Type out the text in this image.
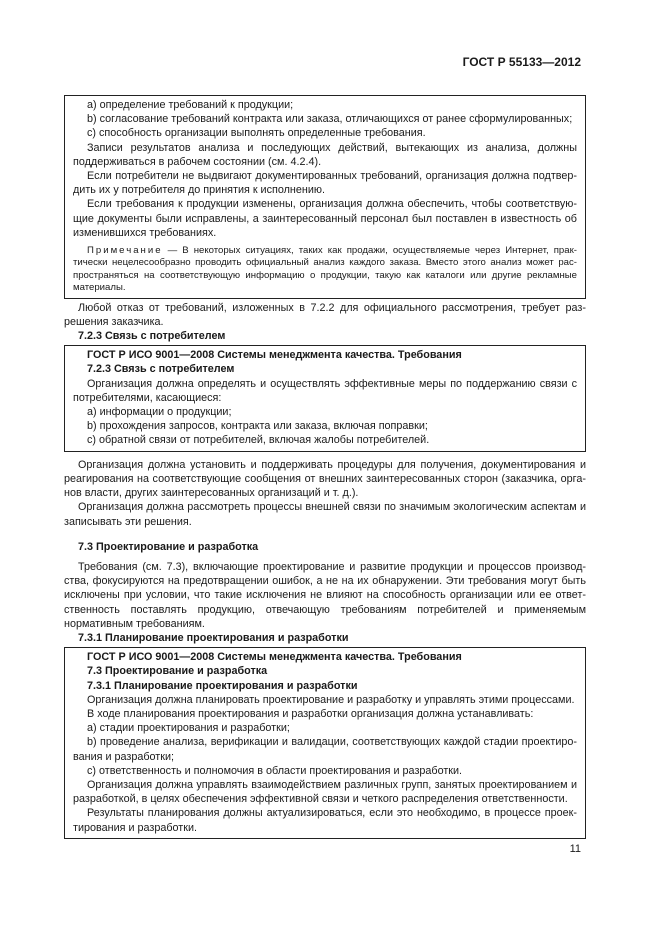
ГОСТ Р 55133—2012

а) определение требований к продукции;

b) согласование требований контракта или заказа, отличающихся от ранее сформулированных;

с) способность организации выполнять определенные требования.

Записи результатов анализа и последующих действий, вытекающих из анализа, должны поддерживаться в рабочем состоянии (см. 4.2.4).

Если потребители не выдвигают документированных требований, организация должна подтвердить их у потребителя до принятия к исполнению.

Если требования к продукции изменены, организация должна обеспечить, чтобы соответствующие документы были исправлены, а заинтересованный персонал был поставлен в известность об изменившихся требованиях.

Примечание — В некоторых ситуациях, таких как продажи, осуществляемые через Интернет, практически нецелесообразно проводить официальный анализ каждого заказа. Вместо этого анализ может распространяться на соответствующую информацию о продукции, такую как каталоги или другие рекламные материалы.

Любой отказ от требований, изложенных в 7.2.2 для официального рассмотрения, требует разрешения заказчика.

7.2.3 Связь с потребителем

ГОСТ Р ИСО 9001—2008 Системы менеджмента качества. Требования

7.2.3 Связь с потребителем

Организация должна определять и осуществлять эффективные меры по поддержанию связи с потребителями, касающиеся:

а) информации о продукции;

b) прохождения запросов, контракта или заказа, включая поправки;

с) обратной связи от потребителей, включая жалобы потребителей.

Организация должна установить и поддерживать процедуры для получения, документирования и реагирования на соответствующие сообщения от внешних заинтересованных сторон (заказчика, органов власти, других заинтересованных организаций и т. д.).

Организация должна рассмотреть процессы внешней связи по значимым экологическим аспектам и записывать эти решения.

7.3 Проектирование и разработка

Требования (см. 7.3), включающие проектирование и развитие продукции и процессов производства, фокусируются на предотвращении ошибок, а не на их обнаружении. Эти требования могут быть исключены при условии, что такие исключения не влияют на способность организации или ее ответственность поставлять продукцию, отвечающую требованиям потребителей и применяемым нормативным требованиям.

7.3.1 Планирование проектирования и разработки

ГОСТ Р ИСО 9001—2008 Системы менеджмента качества. Требования

7.3 Проектирование и разработка

7.3.1 Планирование проектирования и разработки

Организация должна планировать проектирование и разработку и управлять этими процессами.

В ходе планирования проектирования и разработки организация должна устанавливать:

а) стадии проектирования и разработки;

b) проведение анализа, верификации и валидации, соответствующих каждой стадии проектирования и разработки;

с) ответственность и полномочия в области проектирования и разработки.

Организация должна управлять взаимодействием различных групп, занятых проектированием и разработкой, в целях обеспечения эффективной связи и четкого распределения ответственности.

Результаты планирования должны актуализироваться, если это необходимо, в процессе проектирования и разработки.

11
